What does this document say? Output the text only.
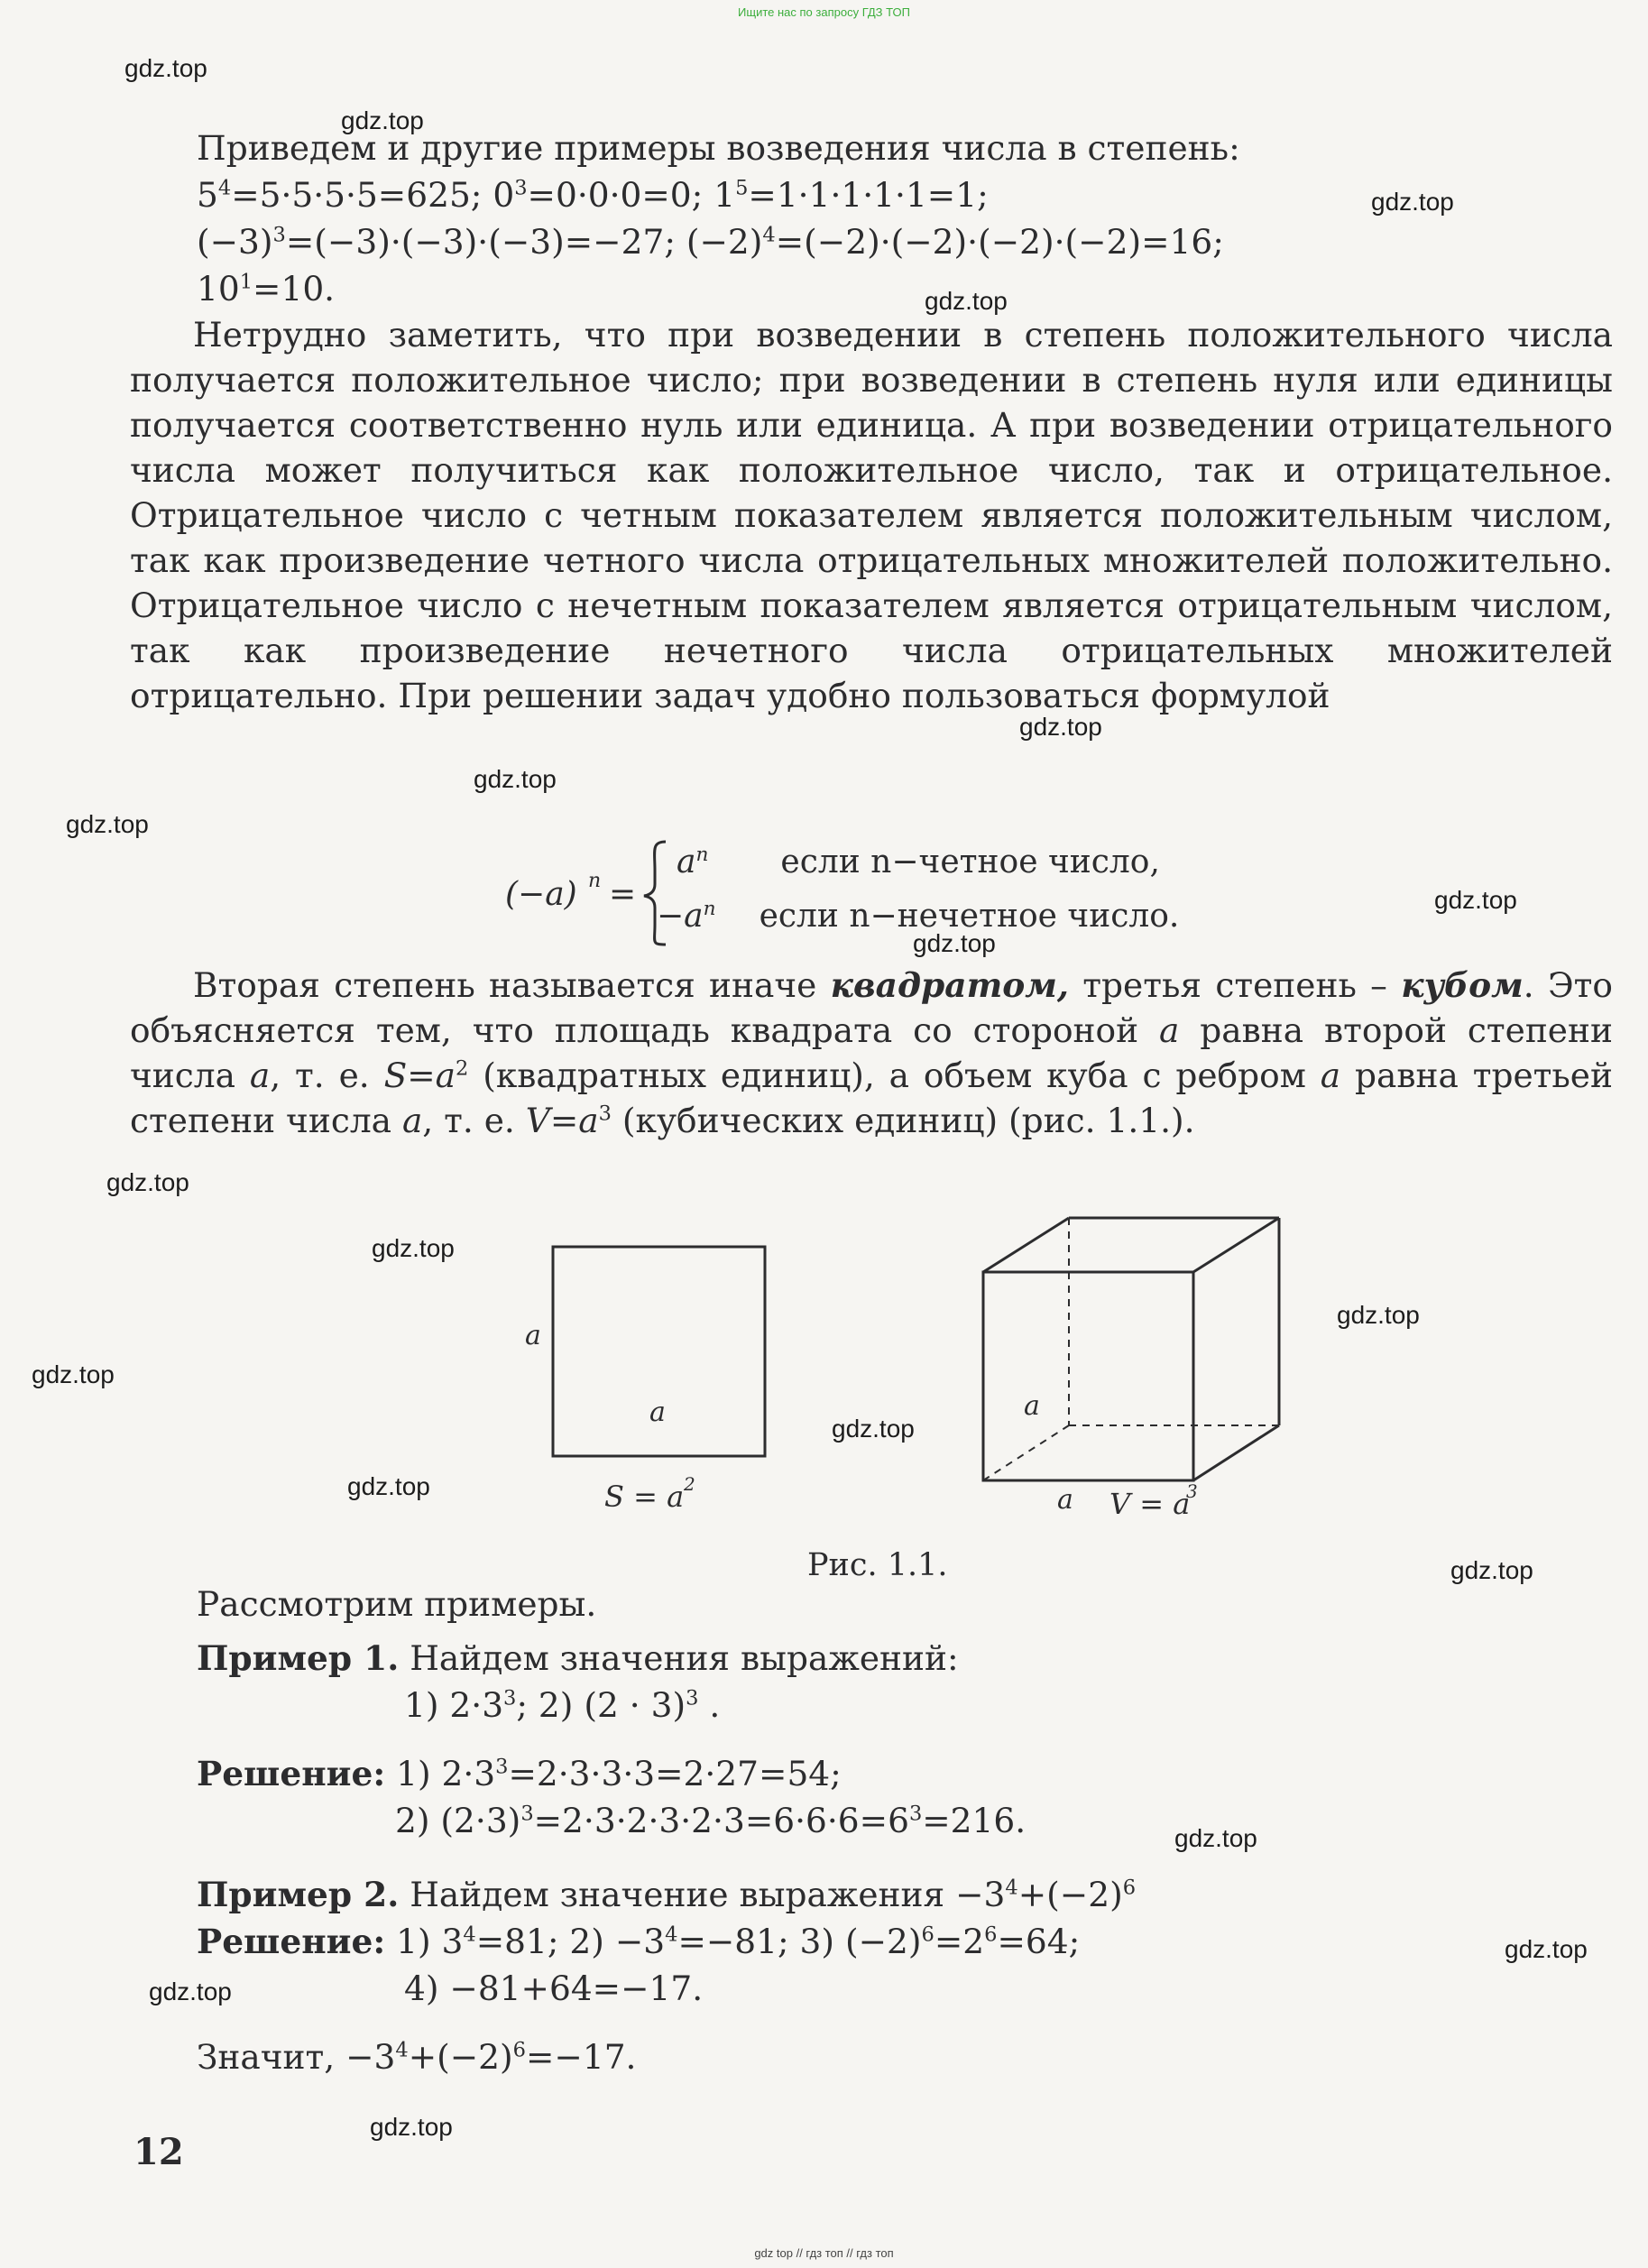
Ищите нас по запросу ГДЗ ТОП
gdz.top
gdz.top
gdz.top
gdz.top
gdz.top
gdz.top
gdz.top
gdz.top
gdz.top
gdz.top
gdz.top
gdz.top
gdz.top
gdz.top
gdz.top
gdz.top
gdz.top
gdz.top
gdz.top
gdz.top

Приведем и другие примеры возведения числа в степень:

$5^4=5\cdot 5\cdot 5\cdot 5=625$; $0^3=0\cdot 0\cdot 0=0$; $1^5=1\cdot 1\cdot 1\cdot 1\cdot 1=1$;

$(-3)^3=(-3)\cdot(-3)\cdot(-3)=-27$; $(-2)^4=(-2)\cdot(-2)\cdot(-2)\cdot(-2)=16$;

$10^1=10$.

Нетрудно заметить, что при возведении в степень положительного числа получается положительное число; при возведении в степень нуля или единицы получается соответственно нуль или единица. А при возведении отрицательного числа может получиться как положительное число, так и отрицательное. Отрицательное число с четным показателем является положительным числом, так как произведение четного числа отрицательных множителей положительно. Отрицательное число с нечетным показателем является отрицательным числом, так как произведение нечетного числа отрицательных множителей отрицательно. При решении задач удобно пользоваться формулой

(−a) n =
$a^n$ если n−четное число,
$-a^n$ если n−нечетное число.

Вторая степень называется иначе квадратом, третья степень – кубом. Это объясняется тем, что площадь квадрата со стороной a равна второй степени числа a, т. е. $S=a^2$ (квадратных единиц), а объем куба с ребром a равна третьей степени числа a, т. е. $V=a^3$ (кубических единиц) (рис. 1.1.).

a
a
S = a 2
a
a V = a
3
Рис. 1.1.

Рассмотрим примеры.

Пример 1. Найдем значения выражений:

1) $2\cdot 3^3$; 2) $(2 \cdot 3)^3$ .

Решение: 1) $2\cdot 3^3=2\cdot 3\cdot 3\cdot 3=2\cdot 27=54$;

2) $(2\cdot 3)^3=2\cdot 3\cdot 2\cdot 3\cdot 2\cdot 3=6\cdot 6\cdot 6=6^3=216$.

Пример 2. Найдем значение выражения $-3^4+(-2)^6$

Решение: 1) $3^4=81$; $2) -3^4=-81$; 3) $(-2)^6=2^6=64$;

4) −81+64=−17.

Значит, $-3^4+(-2)^6=-17$.

12
gdz top // гдз топ // гдз топ
